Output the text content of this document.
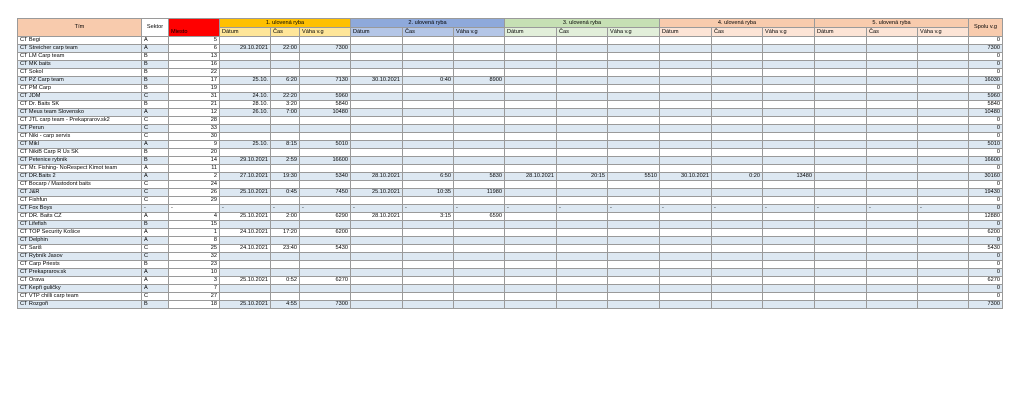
Tím	Sektor	Miesto	1. ulovená ryba			2. ulovená ryba			3. ulovená ryba			4. ulovená ryba			5. ulovená ryba			Spolu v.g
			Dátum	Čas	Váha v.g	Dátum	Čas	Váha v.g	Dátum	Čas	Váha v.g	Dátum	Čas	Váha v.g	Dátum	Čas	Váha v.g	
CT Begi	A	5																0
CT Streicher carp team	A	6	29.10.2021	22:00	7300													7300
CT LM Carp team	B	13																0
CT MK baits	B	16																0
CT Sokol	B	22																0
CT PZ Carp team	B	17	25.10.	6:20	7130	30.10.2021	0:40	8900										16030
CT PM Carp	B	19																0
CT JDM	C	31	24.10.	22:20	5960													5960
CT Dr. Baits SK	B	21	28.10.	3:20	5840													5840
CT Meus team Slovensko	A	12	26.10.	7:00	10480													10480
CT JTL carp team - Prekaprarov.sk2	C	28																0
CT Perun	C	33																0
CT Niki - carp servis	C	30																0
CT Mikl	A	9	25.10.	8:15	5010													5010
CT NikiB Carp R Us SK	B	20																0
CT Petenice rybnik	B	14	29.10.2021	2:59	16600													16600
CT Mr. Fishing- NoRespect Kimot team	A	11																0
CT DR.Baits 2	A	2	27.10.2021	19:30	5340	28.10.2021	6:50	5830	28.10.2021	20:15	5510	30.10.2021	0:20	13480				30160
CT Bocarp / Mastodont baits	C	24																0
CT J&R	C	26	25.10.2021	0:45	7450	25.10.2021	10:35	11980										19430
CT Fishfun	C	29																0
CT Fox Boys	-	-	-	-	-	-	-	-	-	-	-	-	-	-	-	-	-	0
CT DR. Baits CZ	A	4	25.10.2021	2:00	6290	28.10.2021	3:15	6590										12880
CT Lifefish	B	15																0
CT TOP Security Košice	A	1	24.10.2021	17:20	6200													6200
CT Delphin	A	8																0
CT Šariš	C	25	24.10.2021	23:40	5430													5430
CT Rybník Jasov	C	32																0
CT Carp Priests	B	23																0
CT Prekaprarov.sk	A	10																0
CT Orava	A	3	25.10.2021	0:52	6270													6270
CT Kepři guličky	A	7																0
CT VTP chilli carp team	C	27																0
CT Rozgoři	B	18	25.10.2021	4:55	7300													7300
